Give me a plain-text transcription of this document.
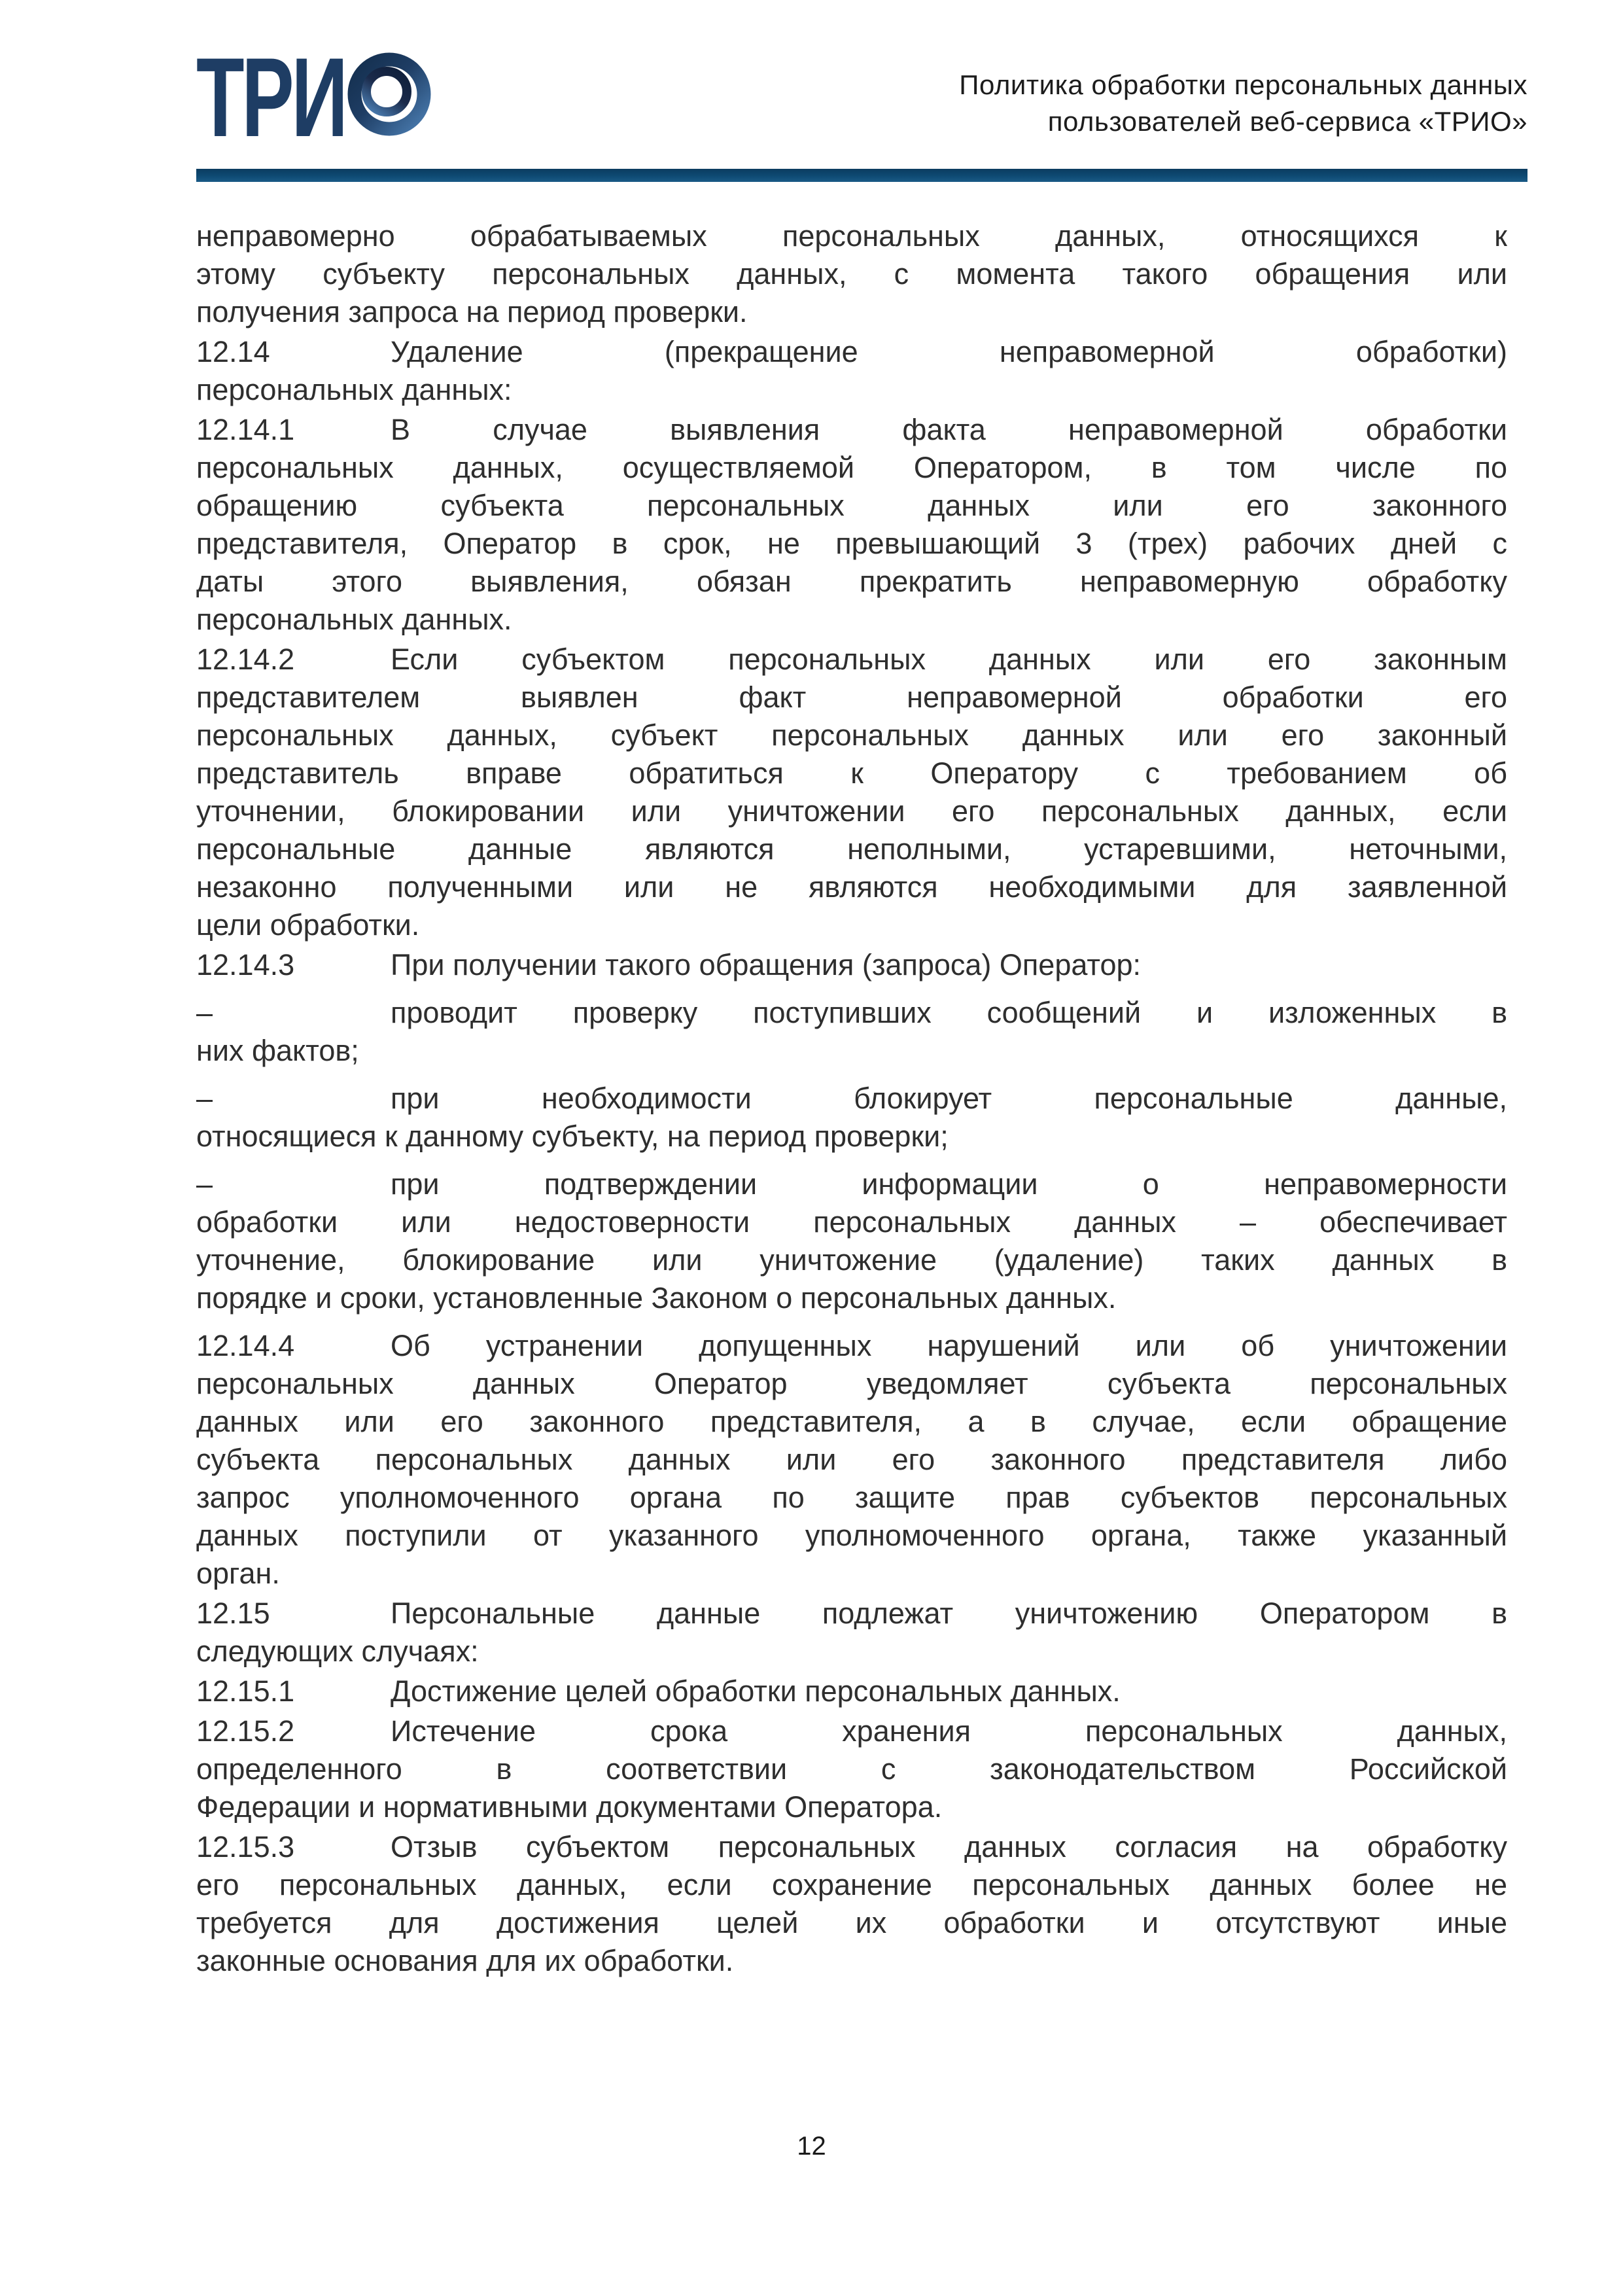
ТРИ	Политика обработки персональных данных
пользователей веб-сервиса «ТРИО»
неправомерно обрабатываемых персональных данных, относящихся к
этому субъекту персональных данных, с момента такого обращения или
получения запроса на период проверки.
12.14	Удаление (прекращение неправомерной обработки)
персональных данных:
12.14.1	В случае выявления факта неправомерной обработки
персональных данных, осуществляемой Оператором, в том числе по
обращению субъекта персональных данных или его законного
представителя, Оператор в срок, не превышающий 3 (трех) рабочих дней с
даты этого выявления, обязан прекратить неправомерную обработку
персональных данных.
12.14.2	Если субъектом персональных данных или его законным
представителем выявлен факт неправомерной обработки его
персональных данных, субъект персональных данных или его законный
представитель вправе обратиться к Оператору с требованием об
уточнении, блокировании или уничтожении его персональных данных, если
персональные данные являются неполными, устаревшими, неточными,
незаконно полученными или не являются необходимыми для заявленной
цели обработки.
12.14.3	При получении такого обращения (запроса) Оператор:
–	проводит проверку поступивших сообщений и изложенных в
них фактов;
–	при необходимости блокирует персональные данные,
относящиеся к данному субъекту, на период проверки;
–	при подтверждении информации о неправомерности
обработки или недостоверности персональных данных – обеспечивает
уточнение, блокирование или уничтожение (удаление) таких данных в
порядке и сроки, установленные Законом о персональных данных.
12.14.4	Об устранении допущенных нарушений или об уничтожении
персональных данных Оператор уведомляет субъекта персональных
данных или его законного представителя, а в случае, если обращение
субъекта персональных данных или его законного представителя либо
запрос уполномоченного органа по защите прав субъектов персональных
данных поступили от указанного уполномоченного органа, также указанный
орган.
12.15	Персональные данные подлежат уничтожению Оператором в
следующих случаях:
12.15.1	Достижение целей обработки персональных данных.
12.15.2	Истечение срока хранения персональных данных,
определенного в соответствии с законодательством Российской
Федерации и нормативными документами Оператора.
12.15.3	Отзыв субъектом персональных данных согласия на обработку
его персональных данных, если сохранение персональных данных более не
требуется для достижения целей их обработки и отсутствуют иные
законные основания для их обработки.
12
